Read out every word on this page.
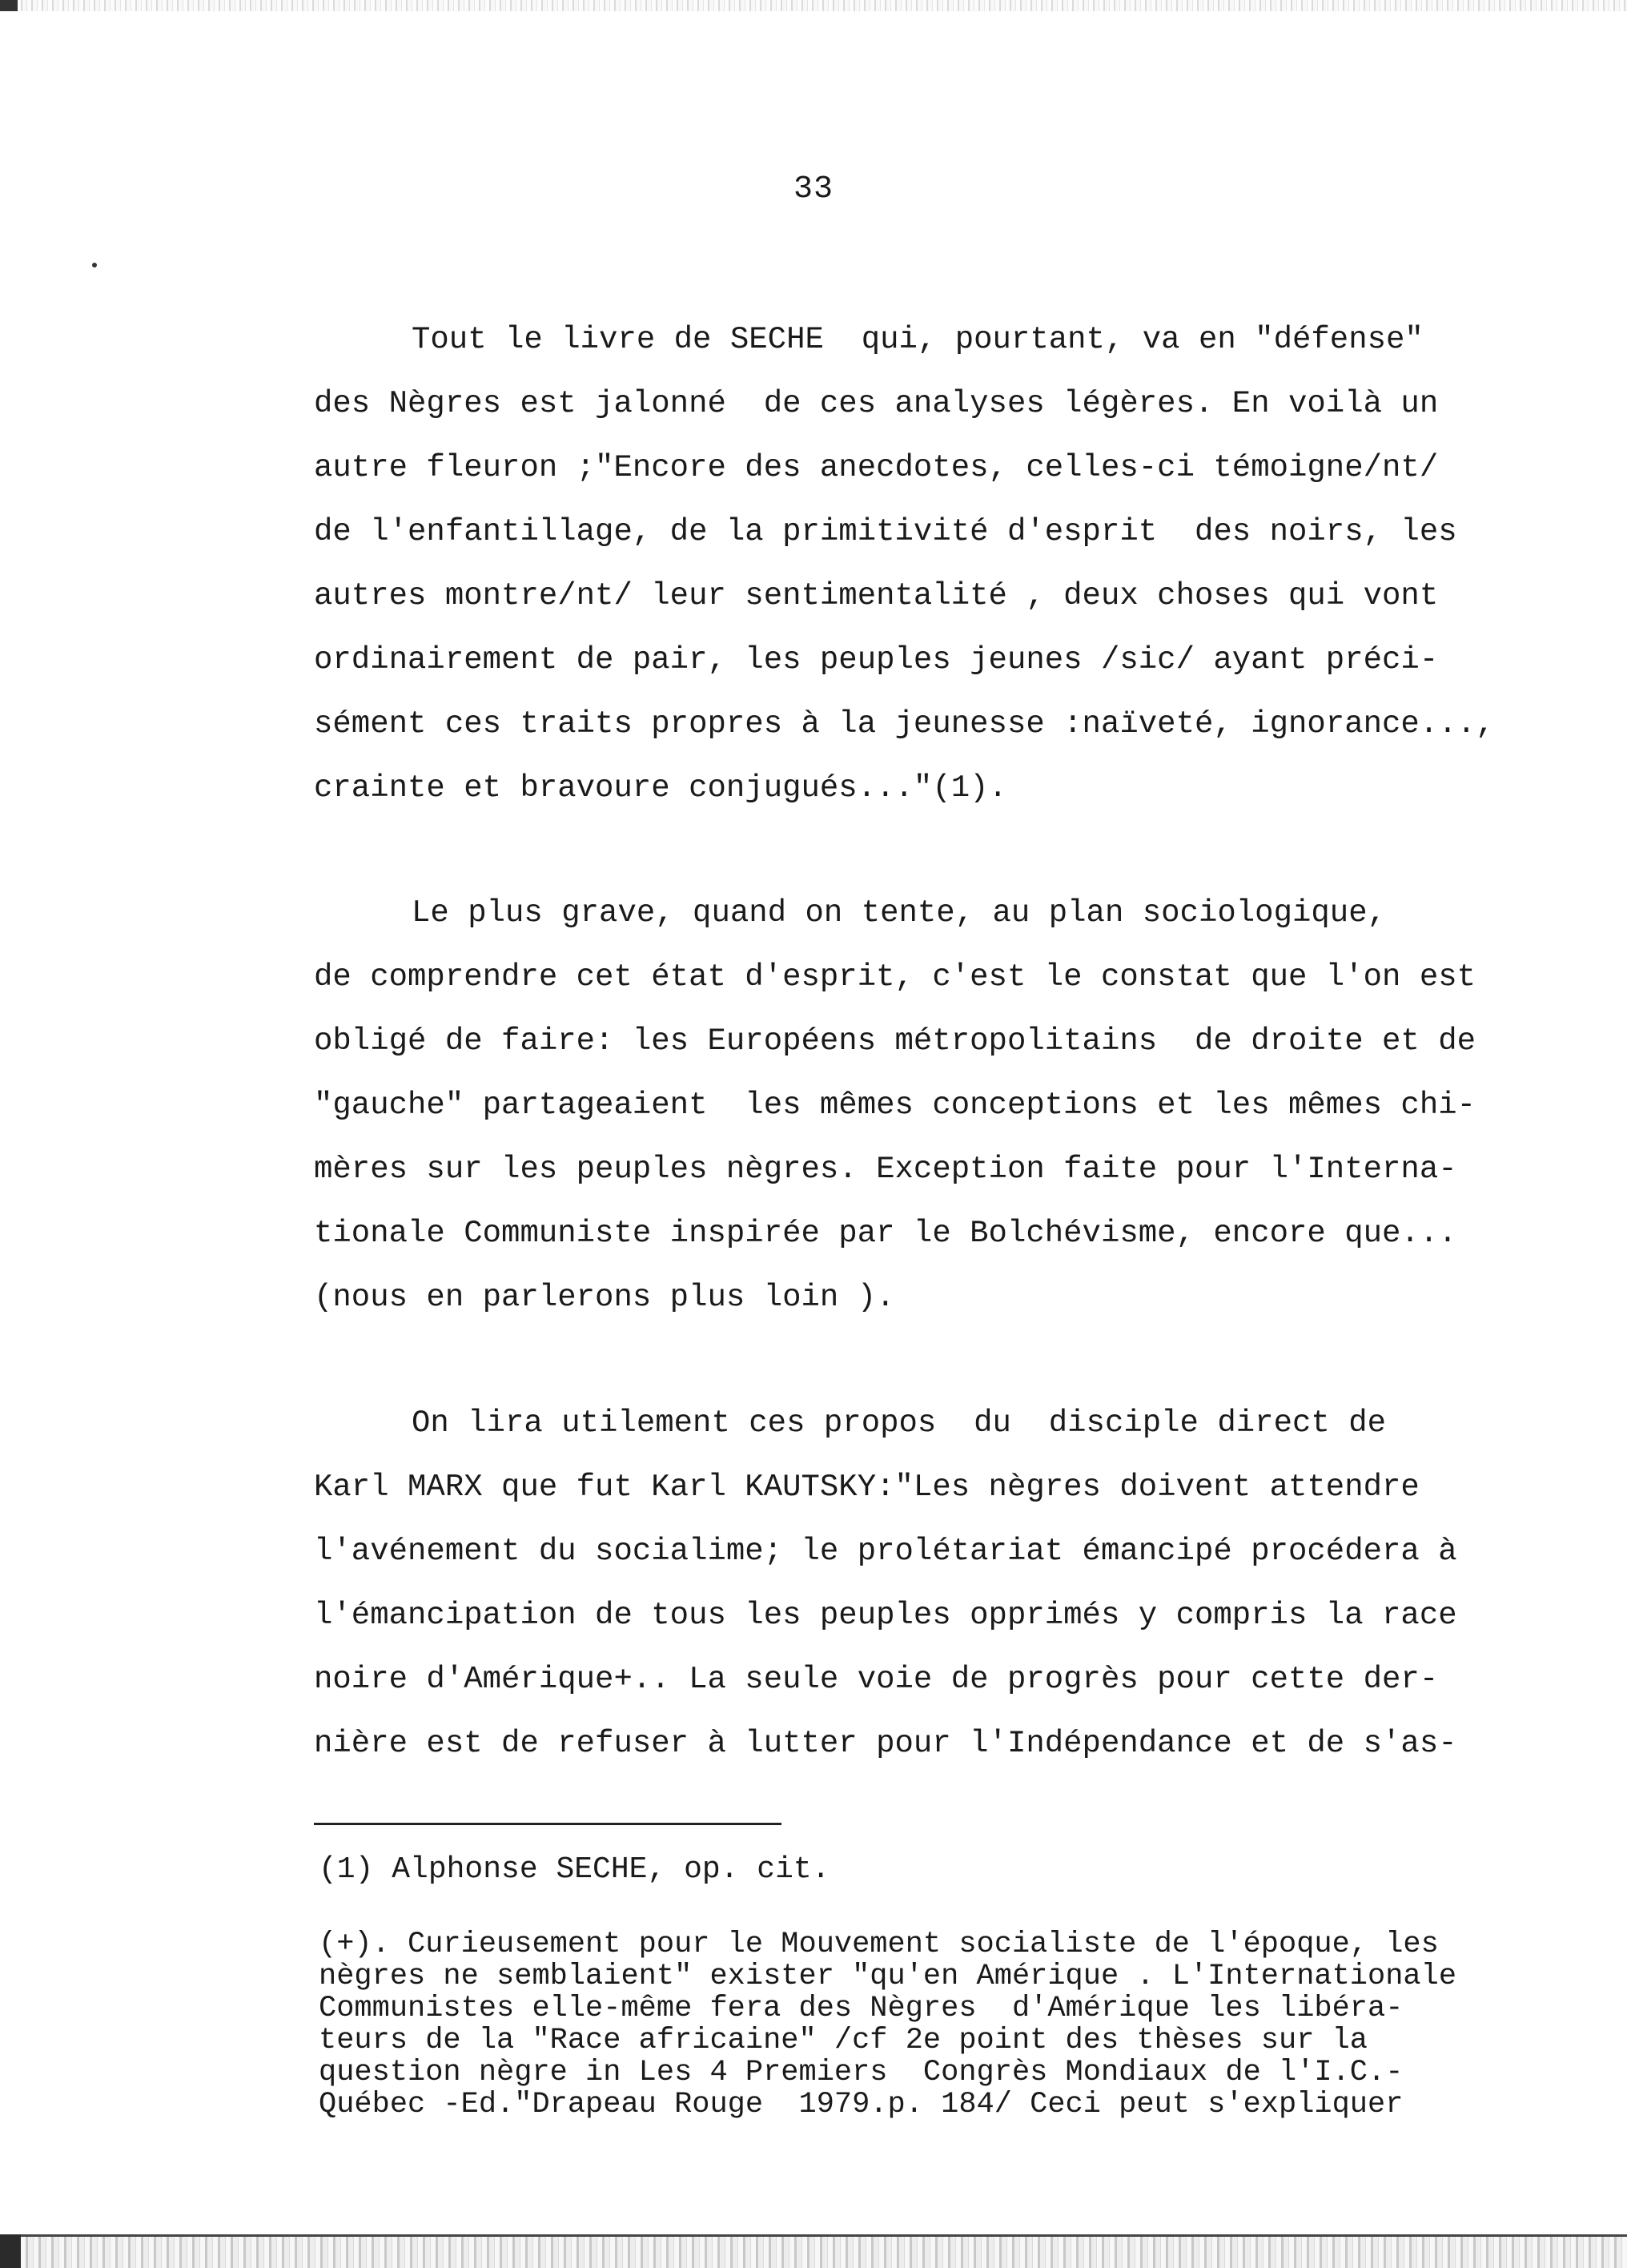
33
Tout le livre de SECHE  qui, pourtant, va en "défense"
des Nègres est jalonné  de ces analyses légères. En voilà un
autre fleuron ;"Encore des anecdotes, celles-ci témoigne/nt/
de l'enfantillage, de la primitivité d'esprit  des noirs, les
autres montre/nt/ leur sentimentalité , deux choses qui vont
ordinairement de pair, les peuples jeunes /sic/ ayant préci-
sément ces traits propres à la jeunesse :naïveté, ignorance...,
crainte et bravoure conjugués..."(1).
Le plus grave, quand on tente, au plan sociologique,
de comprendre cet état d'esprit, c'est le constat que l'on est
obligé de faire: les Européens métropolitains  de droite et de
"gauche" partageaient  les mêmes conceptions et les mêmes chi-
mères sur les peuples nègres. Exception faite pour l'Interna-
tionale Communiste inspirée par le Bolchévisme, encore que...
(nous en parlerons plus loin ).
On lira utilement ces propos  du  disciple direct de
Karl MARX que fut Karl KAUTSKY:"Les nègres doivent attendre
l'avénement du socialime; le prolétariat émancipé procédera à
l'émancipation de tous les peuples opprimés y compris la race
noire d'Amérique+.. La seule voie de progrès pour cette der-
nière est de refuser à lutter pour l'Indépendance et de s'as-
(1) Alphonse SECHE, op. cit.
(+). Curieusement pour le Mouvement socialiste de l'époque, les
nègres ne semblaient" exister "qu'en Amérique . L'Internationale
Communistes elle-même fera des Nègres  d'Amérique les libéra-
teurs de la "Race africaine" /cf 2e point des thèses sur la
question nègre in Les 4 Premiers  Congrès Mondiaux de l'I.C.-
Québec -Ed."Drapeau Rouge  1979.p. 184/ Ceci peut s'expliquer
